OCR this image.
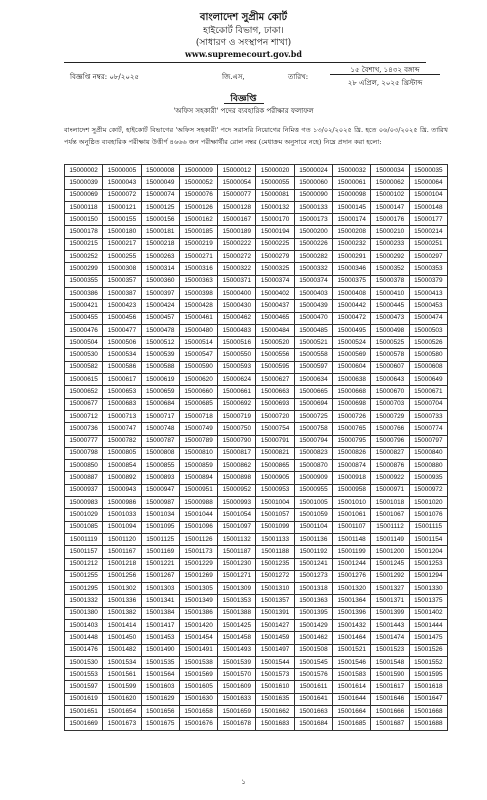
বাংলাদেশ সুপ্রীম কোর্ট
হাইকোর্ট বিভাগ, ঢাকা।
(সাধারণ ও সংস্থাপন শাখা)
www.supremecourt.gov.bd
বিজ্ঞপ্তি নম্বর: ০৮/২০২৫	জি.এস,	তারিখ:
১৫ বৈশাখ, ১৪৩২ বঙ্গাব্দ
২৮ এপ্রিল, ২০২৫ খ্রিস্টাব্দ
বিজ্ঞপ্তি
'অফিস সহকারী' পদের ব্যবহারিক পরীক্ষার ফলাফল
বাংলাদেশ সুপ্রীম কোর্ট, হাইকোর্ট বিভাগের 'অফিস সহকারী' পদে সরাসরি নিয়োগের নিমিত্ত গত ১৩/০২/২০২৫ খ্রি. হতে ০৬/০৩/২০২৫ খ্রি. তারিখ পর্যন্ত অনুষ্ঠিত ব্যবহারিক পরীক্ষায় উত্তীর্ণ ৪৬৬৬ জন পরীক্ষার্থীর রোল নম্বর (মেধাক্রম অনুসারে নহে) নিম্নে প্রদান করা হলো:
15000002	15000005	15000008	15000009	15000012	15000020	15000024	15000032	15000034	15000035
15000039	15000043	15000049	15000052	15000054	15000055	15000060	15000061	15000062	15000064
15000069	15000072	15000074	15000076	15000077	15000081	15000090	15000098	15000102	15000104
15000118	15000121	15000125	15000126	15000128	15000132	15000133	15000145	15000147	15000148
15000150	15000155	15000156	15000162	15000167	15000170	15000173	15000174	15000176	15000177
15000178	15000180	15000181	15000185	15000189	15000194	15000200	15000208	15000210	15000214
15000215	15000217	15000218	15000219	15000222	15000225	15000226	15000232	15000233	15000251
15000252	15000255	15000263	15000271	15000272	15000279	15000282	15000291	15000292	15000297
15000299	15000308	15000314	15000316	15000322	15000325	15000332	15000346	15000352	15000353
15000355	15000357	15000360	15000363	15000371	15000374	15000374	15000375	15000378	15000379
15000386	15000387	15000397	15000398	15000400	15000402	15000403	15000408	15000410	15000413
15000421	15000423	15000424	15000428	15000430	15000437	15000439	15000442	15000445	15000453
15000455	15000456	15000457	15000461	15000462	15000465	15000470	15000472	15000473	15000474
15000476	15000477	15000478	15000480	15000483	15000484	15000485	15000495	15000498	15000503
15000504	15000506	15000512	15000514	15000516	15000520	15000521	15000524	15000525	15000526
15000530	15000534	15000539	15000547	15000550	15000556	15000558	15000569	15000578	15000580
15000582	15000586	15000588	15000590	15000593	15000595	15000597	15000604	15000607	15000608
15000615	15000617	15000619	15000620	15000624	15000627	15000634	15000638	15000643	15000649
15000652	15000653	15000659	15000660	15000661	15000663	15000665	15000668	15000670	15000671
15000677	15000683	15000684	15000685	15000692	15000693	15000694	15000698	15000703	15000704
15000712	15000713	15000717	15000718	15000719	15000720	15000725	15000726	15000729	15000733
15000736	15000747	15000748	15000749	15000750	15000754	15000758	15000765	15000766	15000774
15000777	15000782	15000787	15000789	15000790	15000791	15000794	15000795	15000796	15000797
15000798	15000805	15000808	15000810	15000817	15000821	15000823	15000826	15000827	15000840
15000850	15000854	15000855	15000859	15000862	15000865	15000870	15000874	15000876	15000880
15000887	15000892	15000893	15000894	15000898	15000905	15000909	15000918	15000922	15000935
15000937	15000943	15000947	15000951	15000952	15000953	15000955	15000958	15000971	15000972
15000983	15000986	15000987	15000988	15000993	15001004	15001005	15001010	15001018	15001020
15001029	15001033	15001034	15001044	15001054	15001057	15001059	15001061	15001067	15001076
15001085	15001094	15001095	15001096	15001097	15001099	15001104	15001107	15001112	15001115
15001119	15001120	15001125	15001126	15001132	15001133	15001136	15001148	15001149	15001154
15001157	15001167	15001169	15001173	15001187	15001188	15001192	15001199	15001200	15001204
15001212	15001218	15001221	15001229	15001230	15001235	15001241	15001244	15001245	15001253
15001255	15001256	15001267	15001269	15001271	15001272	15001273	15001276	15001292	15001294
15001295	15001302	15001303	15001305	15001309	15001310	15001318	15001320	15001327	15001330
15001332	15001336	15001341	15001349	15001353	15001357	15001363	15001364	15001371	15001375
15001380	15001382	15001384	15001386	15001388	15001391	15001395	15001396	15001399	15001402
15001403	15001414	15001417	15001420	15001425	15001427	15001429	15001432	15001443	15001444
15001448	15001450	15001453	15001454	15001458	15001459	15001462	15001464	15001474	15001475
15001476	15001482	15001490	15001491	15001493	15001497	15001508	15001521	15001523	15001526
15001530	15001534	15001535	15001538	15001539	15001544	15001545	15001546	15001548	15001552
15001553	15001561	15001564	15001569	15001570	15001573	15001576	15001583	15001590	15001595
15001597	15001599	15001603	15001605	15001609	15001610	15001611	15001614	15001617	15001618
15001619	15001620	15001629	15001630	15001633	15001635	15001641	15001644	15001646	15001647
15001651	15001654	15001656	15001658	15001659	15001662	15001663	15001664	15001666	15001668
15001669	15001673	15001675	15001676	15001678	15001683	15001684	15001685	15001687	15001688
১
